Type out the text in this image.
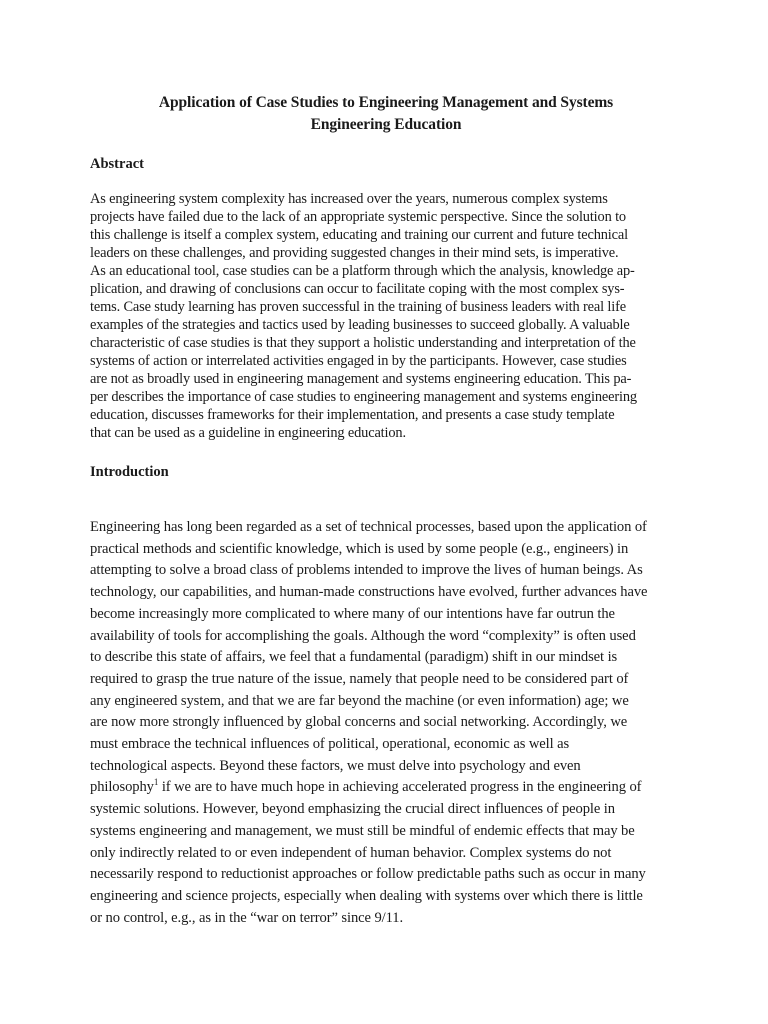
Application of Case Studies to Engineering Management and Systems
Engineering Education
Abstract

As engineering system complexity has increased over the years, numerous complex systems
projects have failed due to the lack of an appropriate systemic perspective. Since the solution to
this challenge is itself a complex system, educating and training our current and future technical
leaders on these challenges, and providing suggested changes in their mind sets, is imperative.
As an educational tool, case studies can be a platform through which the analysis, knowledge ap-
plication, and drawing of conclusions can occur to facilitate coping with the most complex sys-
tems. Case study learning has proven successful in the training of business leaders with real life
examples of the strategies and tactics used by leading businesses to succeed globally. A valuable
characteristic of case studies is that they support a holistic understanding and interpretation of the
systems of action or interrelated activities engaged in by the participants. However, case studies
are not as broadly used in engineering management and systems engineering education. This pa-
per describes the importance of case studies to engineering management and systems engineering
education, discusses frameworks for their implementation, and presents a case study template
that can be used as a guideline in engineering education.

Introduction

Engineering has long been regarded as a set of technical processes, based upon the application of
practical methods and scientific knowledge, which is used by some people (e.g., engineers) in
attempting to solve a broad class of problems intended to improve the lives of human beings. As
technology, our capabilities, and human-made constructions have evolved, further advances have
become increasingly more complicated to where many of our intentions have far outrun the
availability of tools for accomplishing the goals. Although the word “complexity” is often used
to describe this state of affairs, we feel that a fundamental (paradigm) shift in our mindset is
required to grasp the true nature of the issue, namely that people need to be considered part of
any engineered system, and that we are far beyond the machine (or even information) age; we
are now more strongly influenced by global concerns and social networking. Accordingly, we
must embrace the technical influences of political, operational, economic as well as
technological aspects. Beyond these factors, we must delve into psychology and even
philosophy$^1$ if we are to have much hope in achieving accelerated progress in the engineering of
systemic solutions. However, beyond emphasizing the crucial direct influences of people in
systems engineering and management, we must still be mindful of endemic effects that may be
only indirectly related to or even independent of human behavior. Complex systems do not
necessarily respond to reductionist approaches or follow predictable paths such as occur in many
engineering and science projects, especially when dealing with systems over which there is little
or no control, e.g., as in the “war on terror” since 9/11.
